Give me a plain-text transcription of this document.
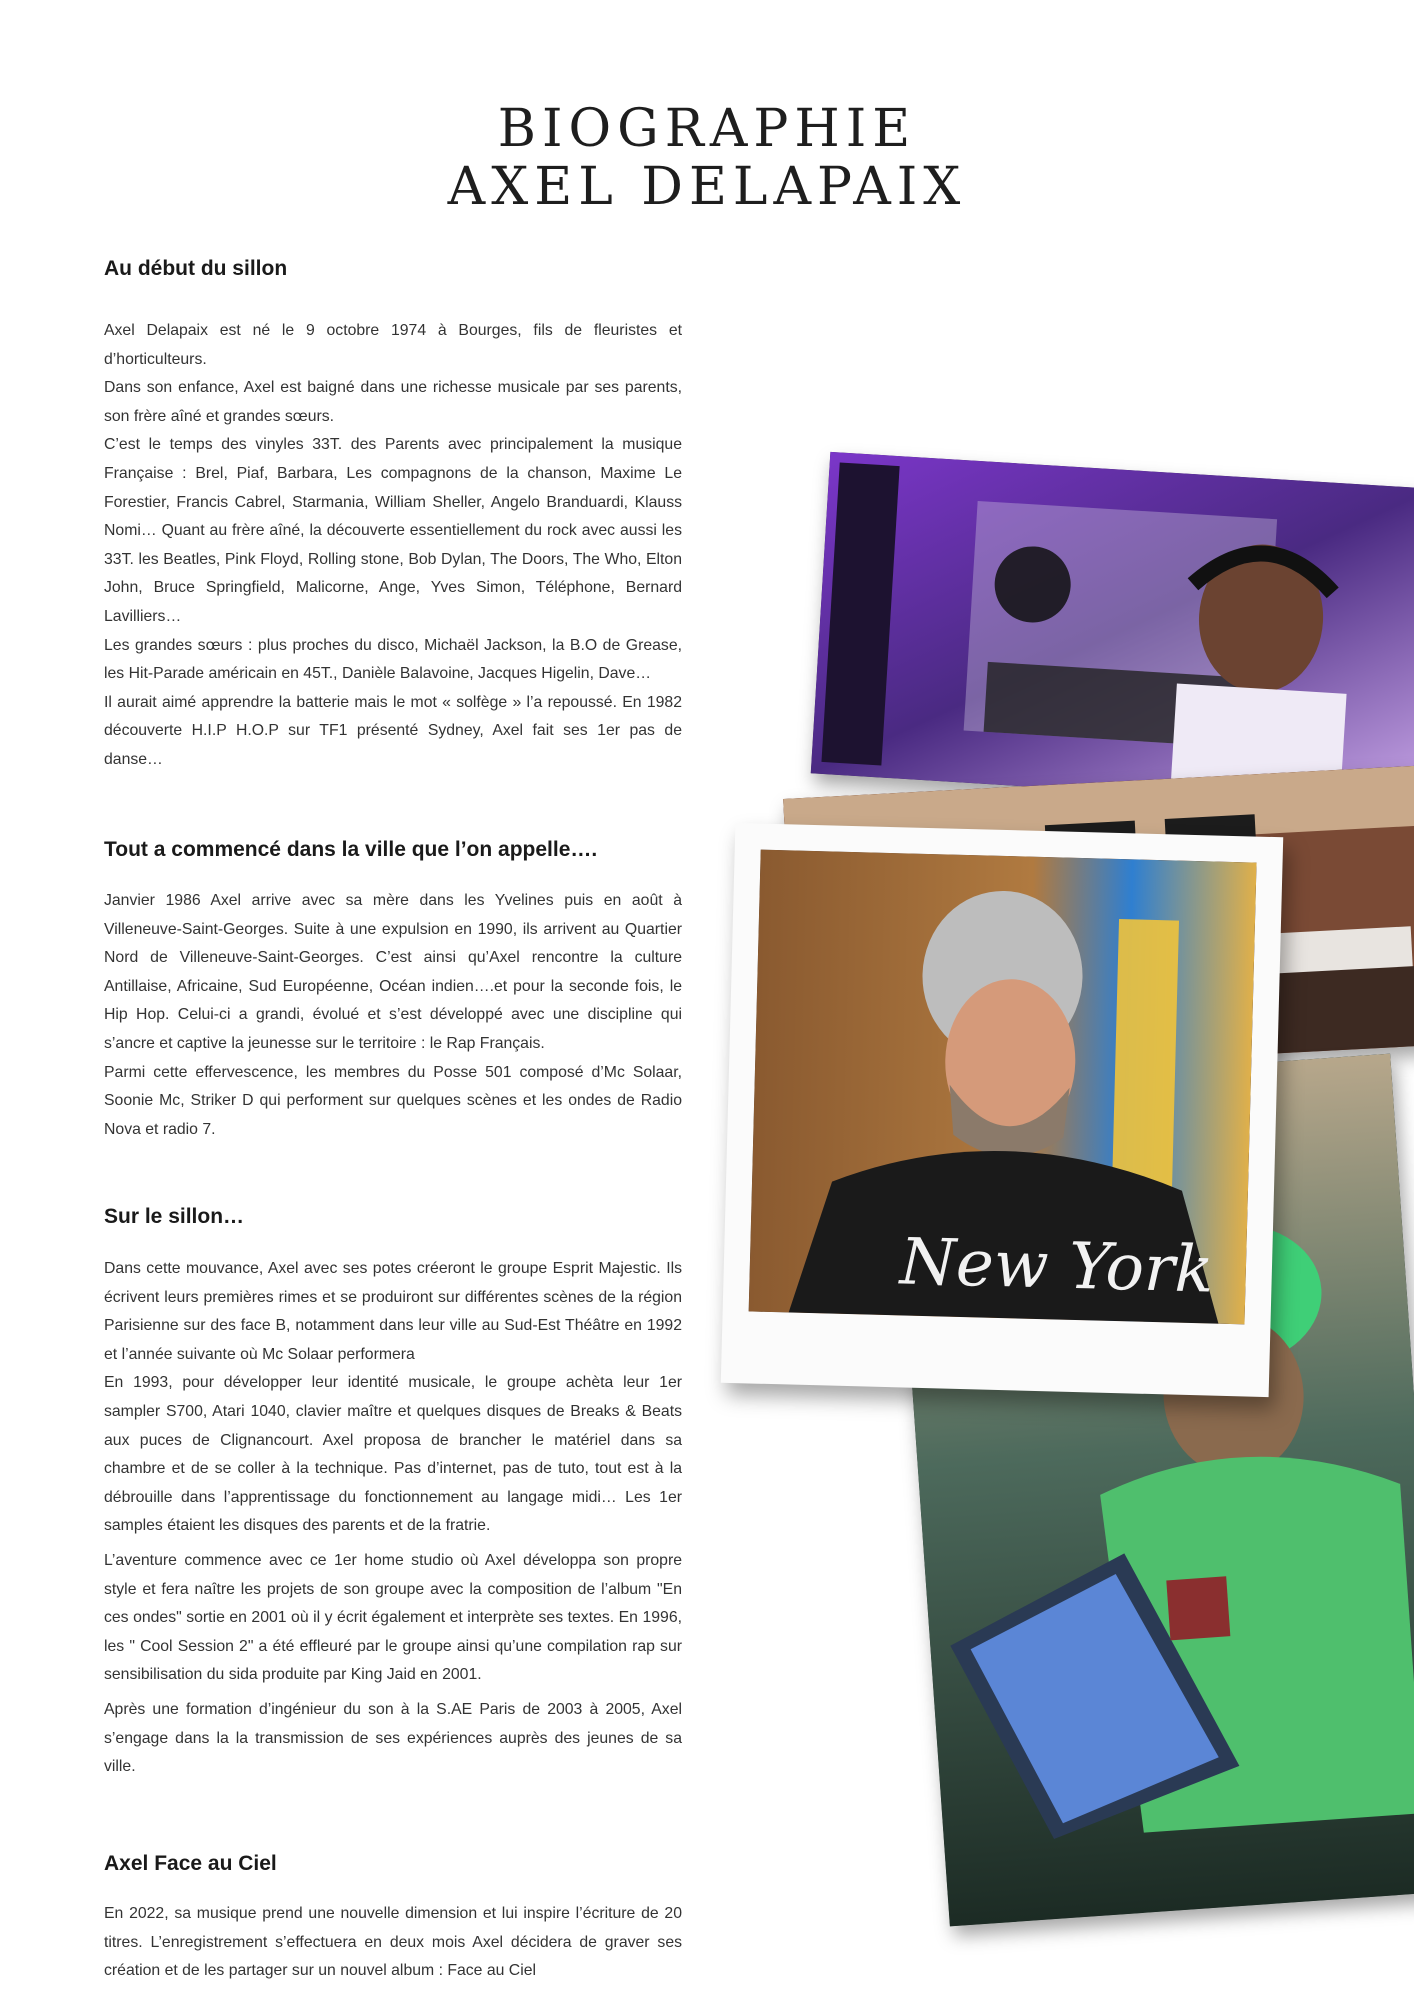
BIOGRAPHIE
AXEL DELAPAIX
Au début du sillon

Axel Delapaix est né le 9 octobre 1974 à Bourges, fils de fleuristes et d’horticulteurs.

Dans son enfance, Axel est baigné dans une richesse musicale par ses parents, son frère aîné et grandes sœurs.

C’est le temps des vinyles 33T. des Parents avec principalement la musique Française : Brel, Piaf, Barbara, Les compagnons de la chanson, Maxime Le Forestier, Francis Cabrel, Starmania, William Sheller, Angelo Branduardi, Klauss Nomi… Quant au frère aîné, la découverte essentiellement du rock avec aussi les 33T. les Beatles, Pink Floyd, Rolling stone, Bob Dylan, The Doors, The Who, Elton John, Bruce Springfield, Malicorne, Ange, Yves Simon, Téléphone, Bernard Lavilliers…

Les grandes sœurs : plus proches du disco, Michaël Jackson, la B.O de Grease, les Hit-Parade américain en 45T., Danièle Balavoine, Jacques Higelin, Dave…

Il aurait aimé apprendre la batterie mais le mot « solfège » l’a repoussé. En 1982 découverte H.I.P H.O.P sur TF1 présenté Sydney, Axel fait ses 1er pas de danse…

Tout a commencé dans la ville que l’on appelle….

Janvier 1986 Axel arrive avec sa mère dans les Yvelines puis en août à Villeneuve-Saint-Georges. Suite à une expulsion en 1990, ils arrivent au Quartier Nord de Villeneuve-Saint-Georges. C’est ainsi qu’Axel rencontre la culture Antillaise, Africaine, Sud Européenne, Océan indien….et pour la seconde fois, le Hip Hop. Celui-ci a grandi, évolué et s’est développé avec une discipline qui s’ancre et captive la jeunesse sur le territoire : le Rap Français.

Parmi cette effervescence, les membres du Posse 501 composé d’Mc Solaar, Soonie Mc, Striker D qui performent sur quelques scènes et les ondes de Radio Nova et radio 7.

Sur le sillon…

Dans cette mouvance, Axel avec ses potes créeront le groupe Esprit Majestic. Ils écrivent leurs premières rimes et se produiront sur différentes scènes de la région Parisienne sur des face B, notamment dans leur ville au Sud-Est Théâtre en 1992 et l’année suivante où Mc Solaar performera

En 1993, pour développer leur identité musicale, le groupe achèta leur 1er sampler S700, Atari 1040, clavier maître et quelques disques de Breaks & Beats aux puces de Clignancourt. Axel proposa de brancher le matériel dans sa chambre et de se coller à la technique. Pas d’internet, pas de tuto, tout est à la débrouille dans l’apprentissage du fonctionnement au langage midi… Les 1er samples étaient les disques des parents et de la fratrie.

L’aventure commence avec ce 1er home studio où Axel développa son propre style et fera naître les projets de son groupe avec la composition de l’album "En ces ondes" sortie en 2001 où il y écrit également et interprète ses textes. En 1996, les " Cool Session 2" a été effleuré par le groupe ainsi qu’une compilation rap sur sensibilisation du sida produite par King Jaid en 2001.

Après une formation d’ingénieur du son à la S.AE Paris de 2003 à 2005, Axel s’engage dans la la transmission de ses expériences auprès des jeunes de sa ville.

Axel Face au Ciel

En 2022, sa musique prend une nouvelle dimension et lui inspire l’écriture de 20 titres. L’enregistrement s’effectuera en deux mois Axel décidera de graver ses création et de les partager sur un nouvel album : Face au Ciel

New York
